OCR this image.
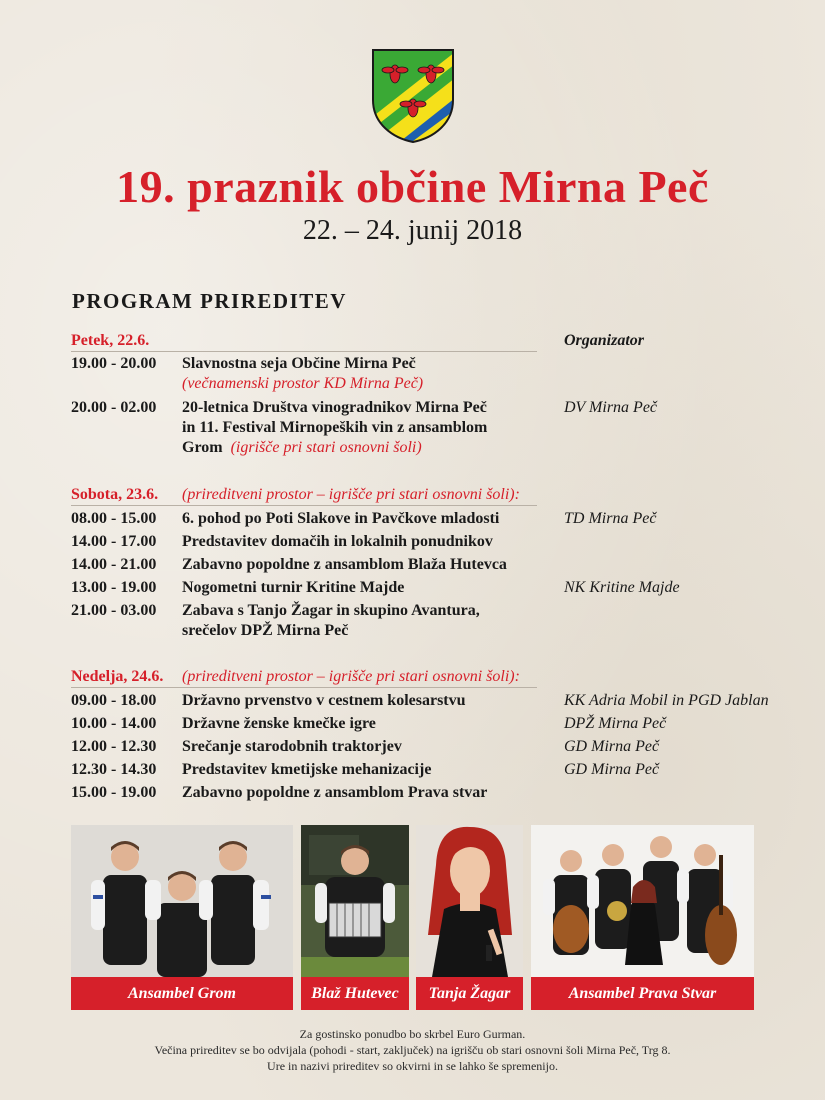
19. praznik občine Mirna Peč
22. – 24. junij 2018
PROGRAM PRIREDITEV
Petek, 22.6.	Organizator
19.00 - 20.00 Slavnostna seja Občine Mirna Peč
(večnamenski prostor KD Mirna Peč)
20.00 - 02.00 20-letnica Društva vinogradnikov Mirna Peč	DV Mirna Peč
in 11. Festival Mirnopeških vin z ansamblom
Grom (igrišče pri stari osnovni šoli)
Sobota, 23.6. (prireditveni prostor – igrišče pri stari osnovni šoli):
08.00 - 15.00 6. pohod po Poti Slakove in Pavčkove mladosti	TD Mirna Peč
14.00 - 17.00 Predstavitev domačih in lokalnih ponudnikov
14.00 - 21.00 Zabavno popoldne z ansamblom Blaža Hutevca
13.00 - 19.00 Nogometni turnir Kritine Majde	NK Kritine Majde
21.00 - 03.00 Zabava s Tanjo Žagar in skupino Avantura,
srečelov DPŽ Mirna Peč
Nedelja, 24.6. (prireditveni prostor – igrišče pri stari osnovni šoli):
09.00 - 18.00 Državno prvenstvo v cestnem kolesarstvu	KK Adria Mobil in PGD Jablan
10.00 - 14.00 Državne ženske kmečke igre	DPŽ Mirna Peč
12.00 - 12.30 Srečanje starodobnih traktorjev	GD Mirna Peč
12.30 - 14.30 Predstavitev kmetijske mehanizacije	GD Mirna Peč
15.00 - 19.00 Zabavno popoldne z ansamblom Prava stvar
Ansambel Grom	Blaž Hutevec	Tanja Žagar	Ansambel Prava Stvar
Za gostinsko ponudbo bo skrbel Euro Gurman.
Večina prireditev se bo odvijala (pohodi - start, zaključek) na igrišču ob stari osnovni šoli Mirna Peč, Trg 8.
Ure in nazivi prireditev so okvirni in se lahko še spremenijo.
